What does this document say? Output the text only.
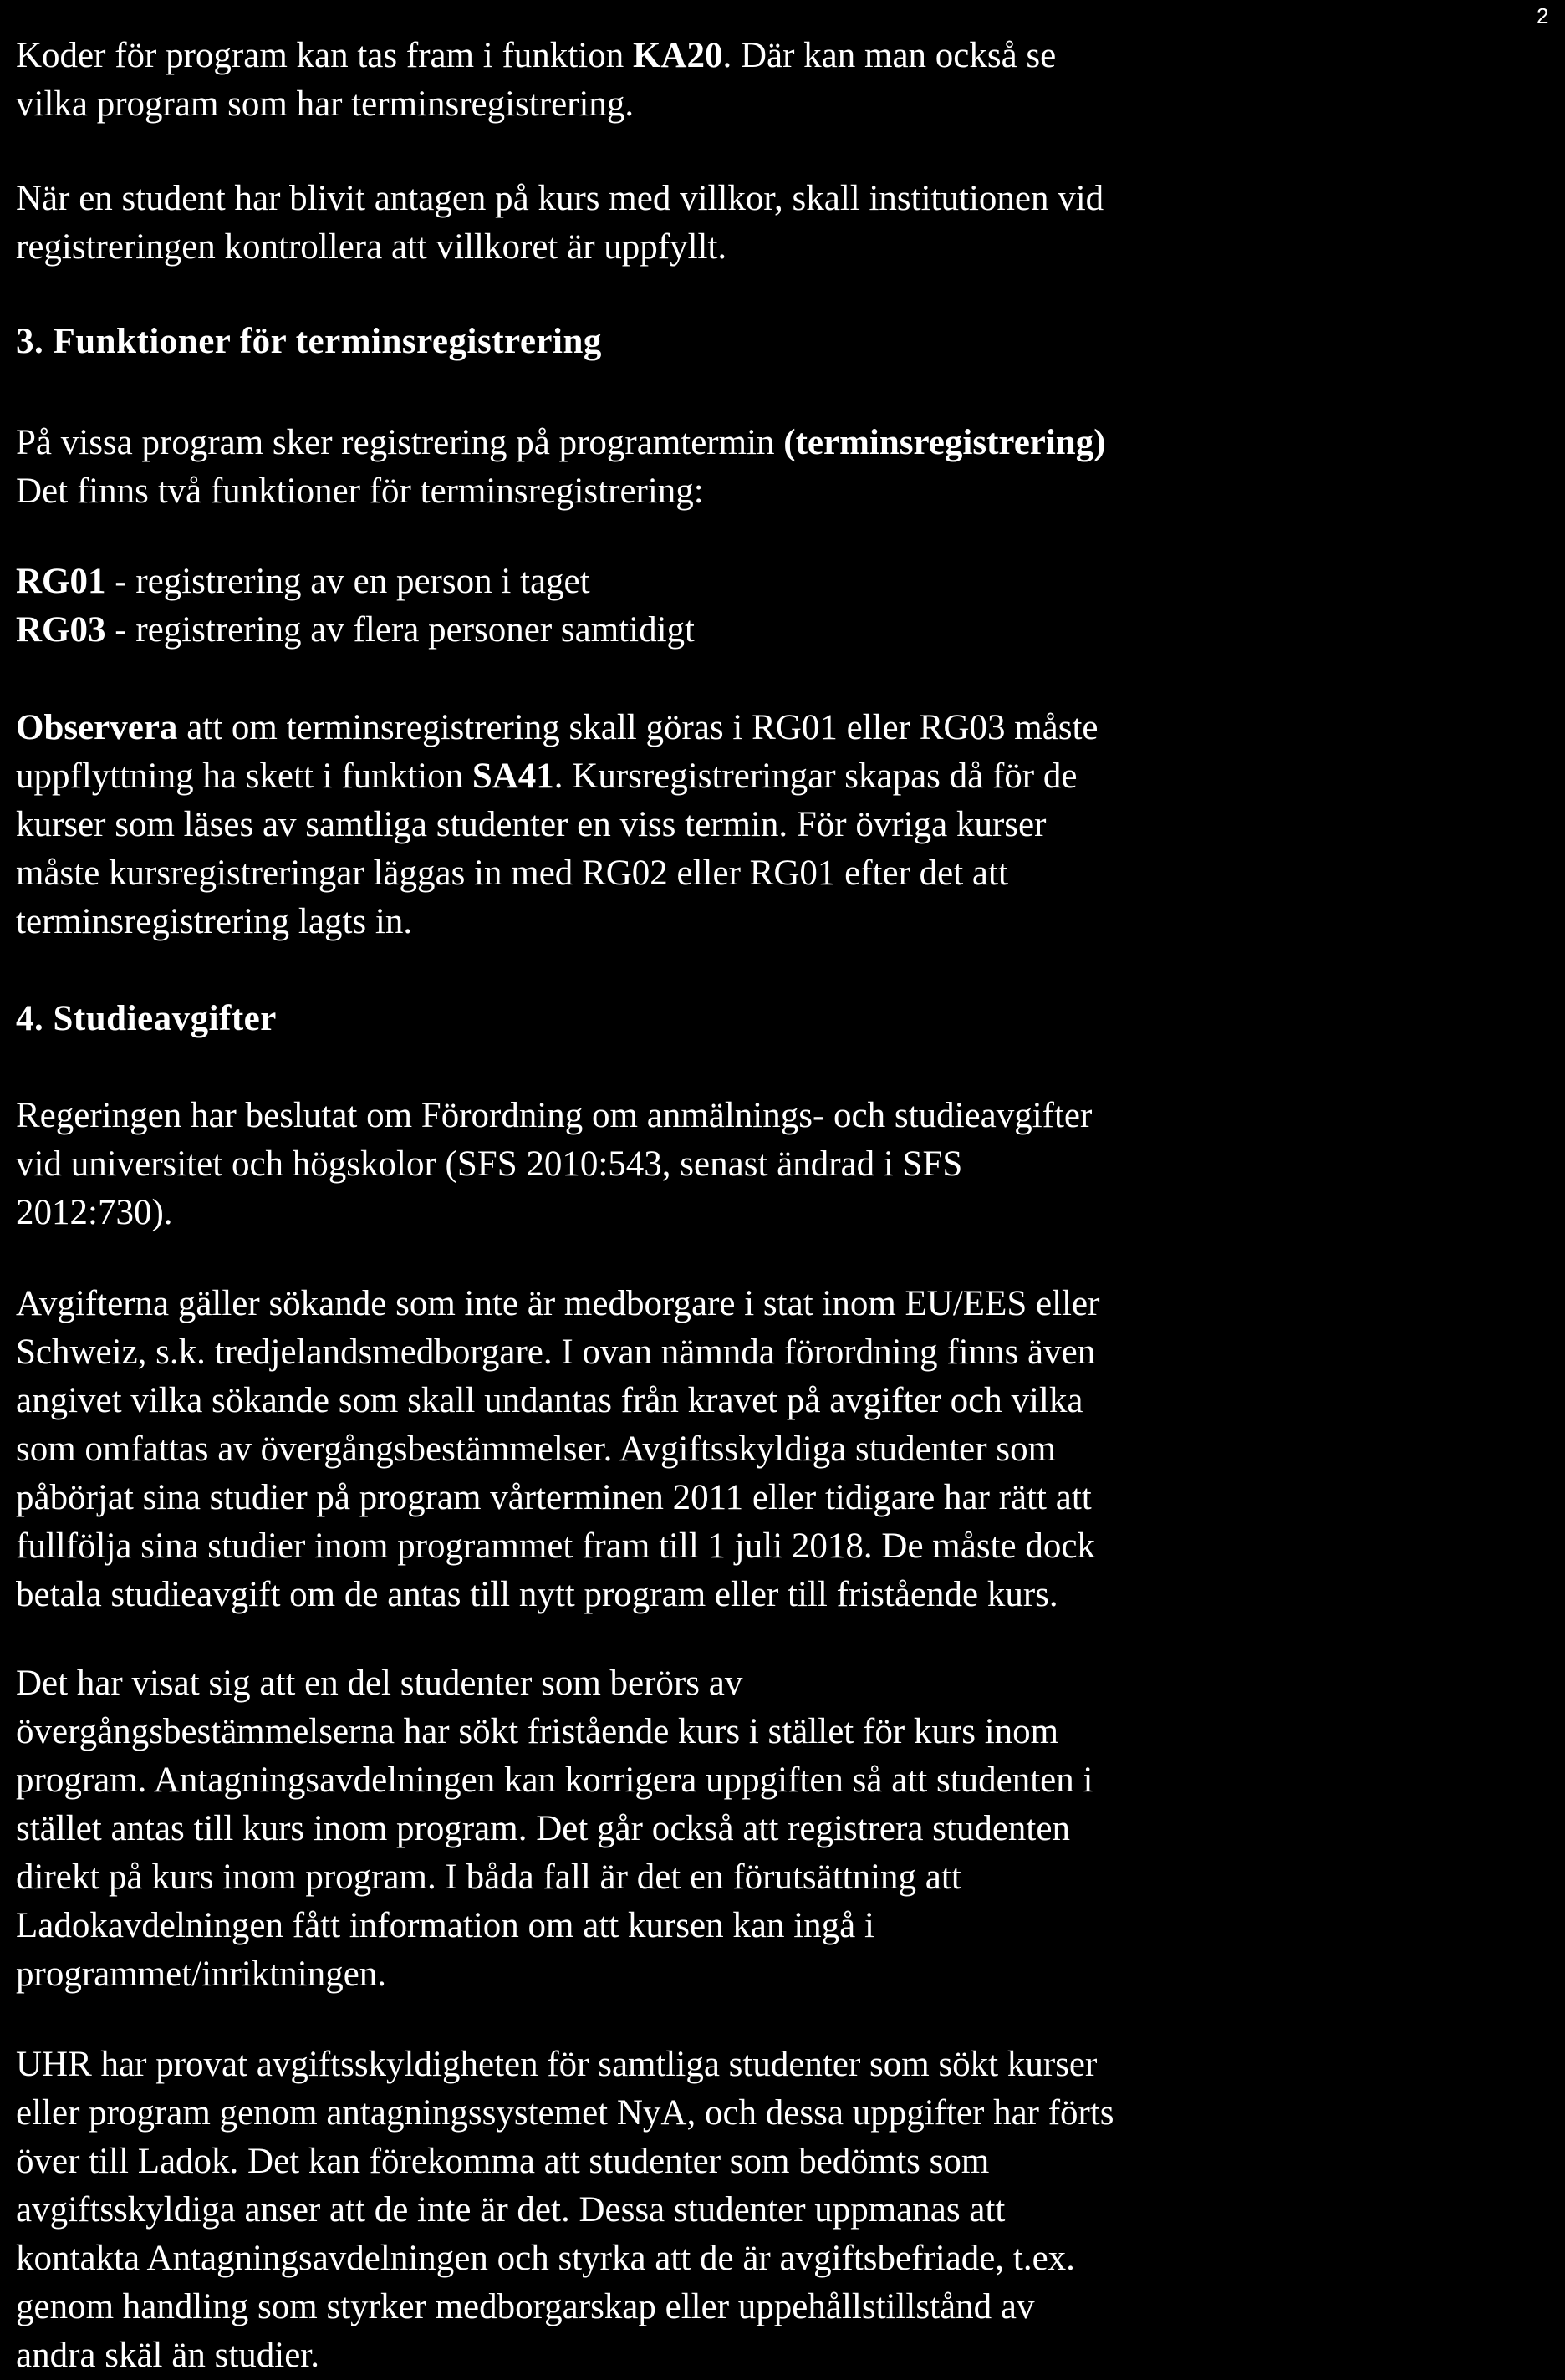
2
Koder för program kan tas fram i funktion KA20. Där kan man också se
vilka program som har terminsregistrering.
När en student har blivit antagen på kurs med villkor, skall institutionen vid
registreringen kontrollera att villkoret är uppfyllt.
3. Funktioner för terminsregistrering
På vissa program sker registrering på programtermin (terminsregistrering)
Det finns två funktioner för terminsregistrering:
RG01 - registrering av en person i taget
RG03 - registrering av flera personer samtidigt
Observera att om terminsregistrering skall göras i RG01 eller RG03 måste
uppflyttning ha skett i funktion SA41. Kursregistreringar skapas då för de
kurser som läses av samtliga studenter en viss termin. För övriga kurser
måste kursregistreringar läggas in med RG02 eller RG01 efter det att
terminsregistrering lagts in.
4. Studieavgifter
Regeringen har beslutat om Förordning om anmälnings- och studieavgifter
vid universitet och högskolor (SFS 2010:543, senast ändrad i SFS
2012:730).
Avgifterna gäller sökande som inte är medborgare i stat inom EU/EES eller
Schweiz, s.k. tredjelandsmedborgare. I ovan nämnda förordning finns även
angivet vilka sökande som skall undantas från kravet på avgifter och vilka
som omfattas av övergångsbestämmelser. Avgiftsskyldiga studenter som
påbörjat sina studier på program vårterminen 2011 eller tidigare har rätt att
fullfölja sina studier inom programmet fram till 1 juli 2018. De måste dock
betala studieavgift om de antas till nytt program eller till fristående kurs.
Det har visat sig att en del studenter som berörs av
övergångsbestämmelserna har sökt fristående kurs i stället för kurs inom
program. Antagningsavdelningen kan korrigera uppgiften så att studenten i
stället antas till kurs inom program. Det går också att registrera studenten
direkt på kurs inom program. I båda fall är det en förutsättning att
Ladokavdelningen fått information om att kursen kan ingå i
programmet/inriktningen.
UHR har provat avgiftsskyldigheten för samtliga studenter som sökt kurser
eller program genom antagningssystemet NyA, och dessa uppgifter har förts
över till Ladok. Det kan förekomma att studenter som bedömts som
avgiftsskyldiga anser att de inte är det. Dessa studenter uppmanas att
kontakta Antagningsavdelningen och styrka att de är avgiftsbefriade, t.ex.
genom handling som styrker medborgarskap eller uppehållstillstånd av
andra skäl än studier.
